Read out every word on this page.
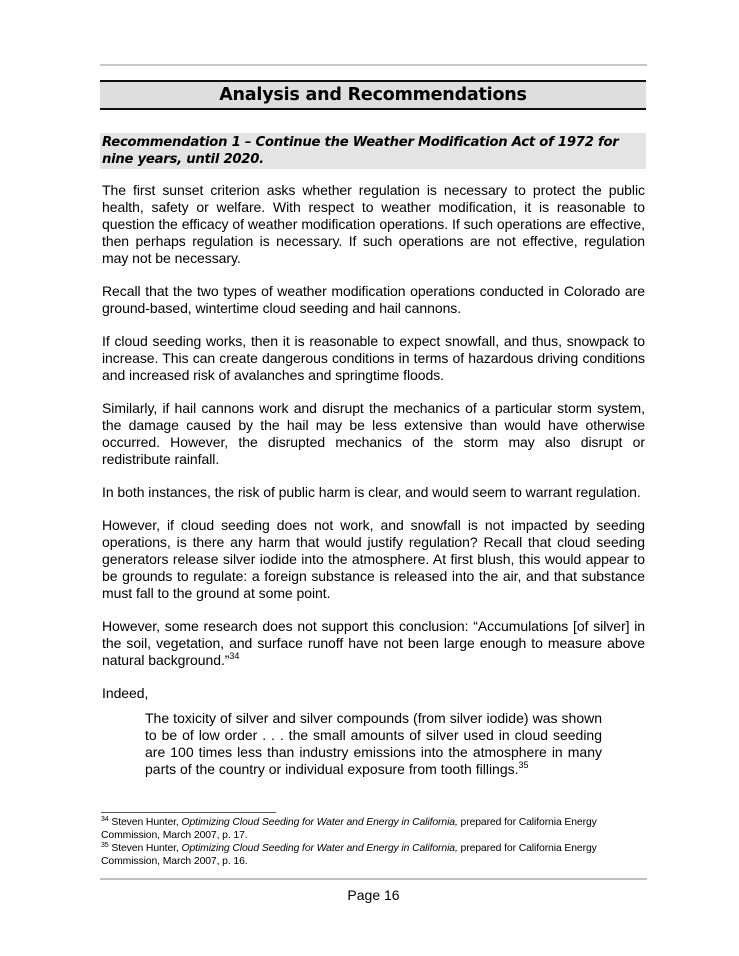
Analysis and Recommendations

Recommendation 1 – Continue the Weather Modification Act of 1972 for nine years, until 2020.

The first sunset criterion asks whether regulation is necessary to protect the public health, safety or welfare. With respect to weather modification, it is reasonable to question the efficacy of weather modification operations. If such operations are effective, then perhaps regulation is necessary. If such operations are not effective, regulation may not be necessary.

Recall that the two types of weather modification operations conducted in Colorado are ground-based, wintertime cloud seeding and hail cannons.

If cloud seeding works, then it is reasonable to expect snowfall, and thus, snowpack to increase. This can create dangerous conditions in terms of hazardous driving conditions and increased risk of avalanches and springtime floods.

Similarly, if hail cannons work and disrupt the mechanics of a particular storm system, the damage caused by the hail may be less extensive than would have otherwise occurred. However, the disrupted mechanics of the storm may also disrupt or redistribute rainfall.

In both instances, the risk of public harm is clear, and would seem to warrant regulation.

However, if cloud seeding does not work, and snowfall is not impacted by seeding operations, is there any harm that would justify regulation? Recall that cloud seeding generators release silver iodide into the atmosphere. At first blush, this would appear to be grounds to regulate: a foreign substance is released into the air, and that substance must fall to the ground at some point.

However, some research does not support this conclusion: “Accumulations [of silver] in the soil, vegetation, and surface runoff have not been large enough to measure above natural background.”$^{34}$

Indeed,

The toxicity of silver and silver compounds (from silver iodide) was shown to be of low order . . . the small amounts of silver used in cloud seeding are 100 times less than industry emissions into the atmosphere in many parts of the country or individual exposure from tooth fillings.$^{35}$

$^{34}$ Steven Hunter, Optimizing Cloud Seeding for Water and Energy in California, prepared for California Energy Commission, March 2007, p. 17.

$^{35}$ Steven Hunter, Optimizing Cloud Seeding for Water and Energy in California, prepared for California Energy Commission, March 2007, p. 16.

Page 16
